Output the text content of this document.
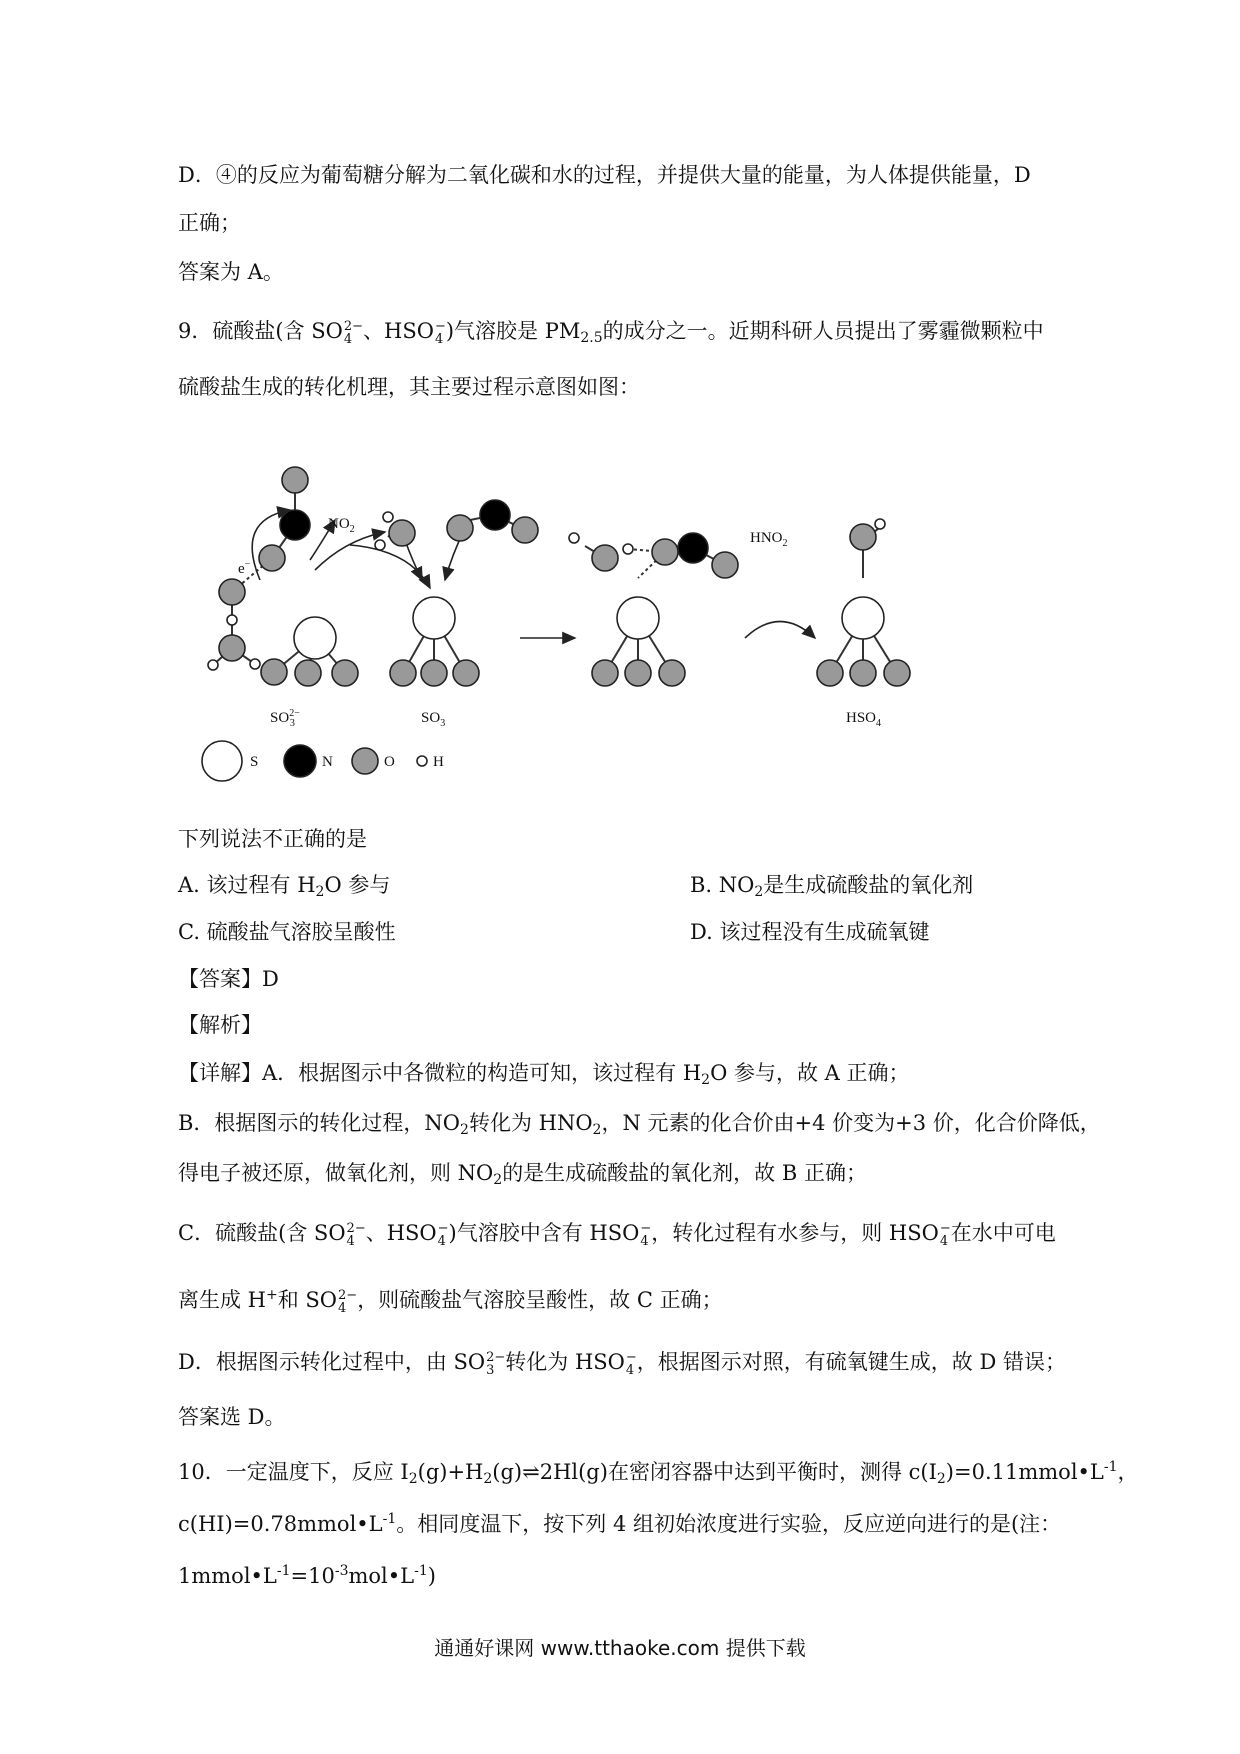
D．④的反应为葡萄糖分解为二氧化碳和水的过程，并提供大量的能量，为人体提供能量，D
正确；
答案为 A。
9．硫酸盐(含 SO 2−
4 、HSO −
4 )气溶胶是 $PM_{2.5}$的成分之一。近期科研人员提出了雾霾微颗粒中
硫酸盐生成的转化机理，其主要过程示意图如图：
$NO_2$
e−
$HNO_2$
$SO^{2-}$ 3	$SO_3$	$HSO_4$
S	N	O	H
下列说法不正确的是
A. 该过程有 $H_2O$ 参与	B. $NO_2$是生成硫酸盐的氧化剂
C. 硫酸盐气溶胶呈酸性	D. 该过程没有生成硫氧键
【答案】D
【解析】
【详解】A．根据图示中各微粒的构造可知，该过程有 $H_2O$ 参与，故 A 正确；
B．根据图示的转化过程，$NO_2$转化为 $HNO_2$，N 元素的化合价由+4 价变为+3 价，化合价降低，
得电子被还原，做氧化剂，则 $NO_2$的是生成硫酸盐的氧化剂，故 B 正确；
C．硫酸盐(含 SO 2−
4 、HSO −
4 )气溶胶中含有 HSO −
4 ，转化过程有水参与，则 HSO −
4 在水中可电
离生成 H+和 SO 2−
4 ，则硫酸盐气溶胶呈酸性，故 C 正确；
D．根据图示转化过程中，由 SO 2−
3 转化为 HSO −
4 ，根据图示对照，有硫氧键生成，故 D 错误；
答案选 D。
10．一定温度下，反应 $I_2(g)+H_2(g)\rightleftharpoons 2Hl(g)$在密闭容器中达到平衡时，测得 $c(I_2)=0.11mmol•L^{-1}$，
$c(HI)=0.78mmol•L^{-1}$。相同度温下，按下列 4 组初始浓度进行实验，反应逆向进行的是(注：
$1mmol•L^{-1}=10^{-3}mol•L^{-1}$)
通通好课网 www.tthaoke.com 提供下载
